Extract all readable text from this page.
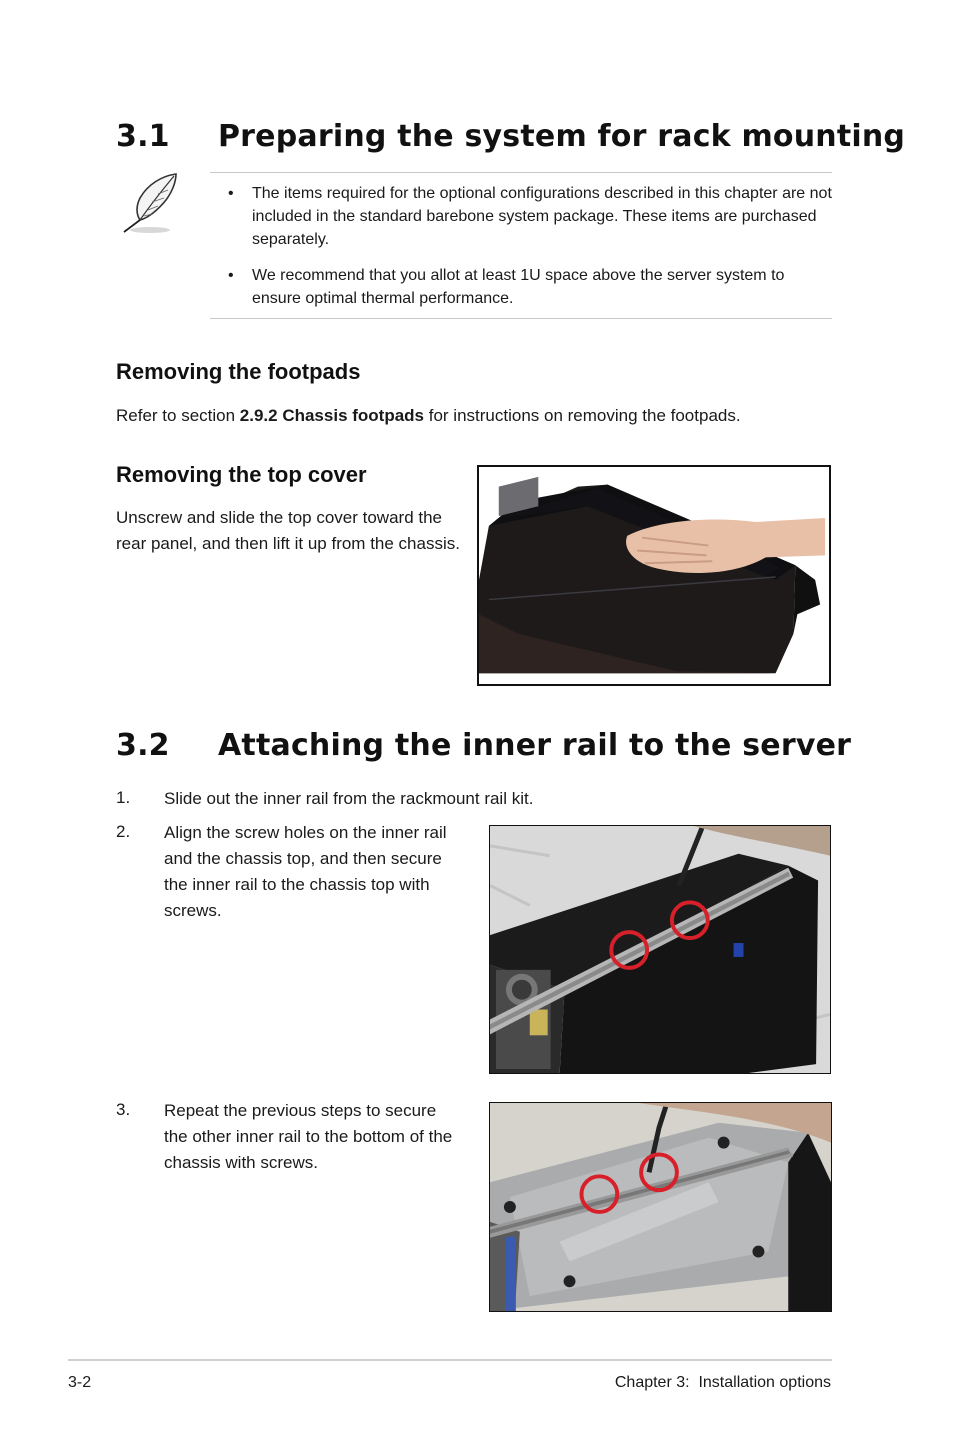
3.1 Preparing the system for rack mounting
• The items required for the optional configurations described in this chapter are not included in the standard barebone system package. These items are purchased separately.
• We recommend that you allot at least 1U space above the server system to ensure optimal thermal performance.
Removing the footpads
Refer to section 2.9.2 Chassis footpads for instructions on removing the footpads.
Removing the top cover
Unscrew and slide the top cover toward the rear panel, and then lift it up from the chassis.
3.2 Attaching the inner rail to the server
1. Slide out the inner rail from the rackmount rail kit.
2. Align the screw holes on the inner rail and the chassis top, and then secure the inner rail to the chassis top with screws.
3. Repeat the previous steps to secure the other inner rail to the bottom of the chassis with screws.
3-2	Chapter 3:  Installation options
